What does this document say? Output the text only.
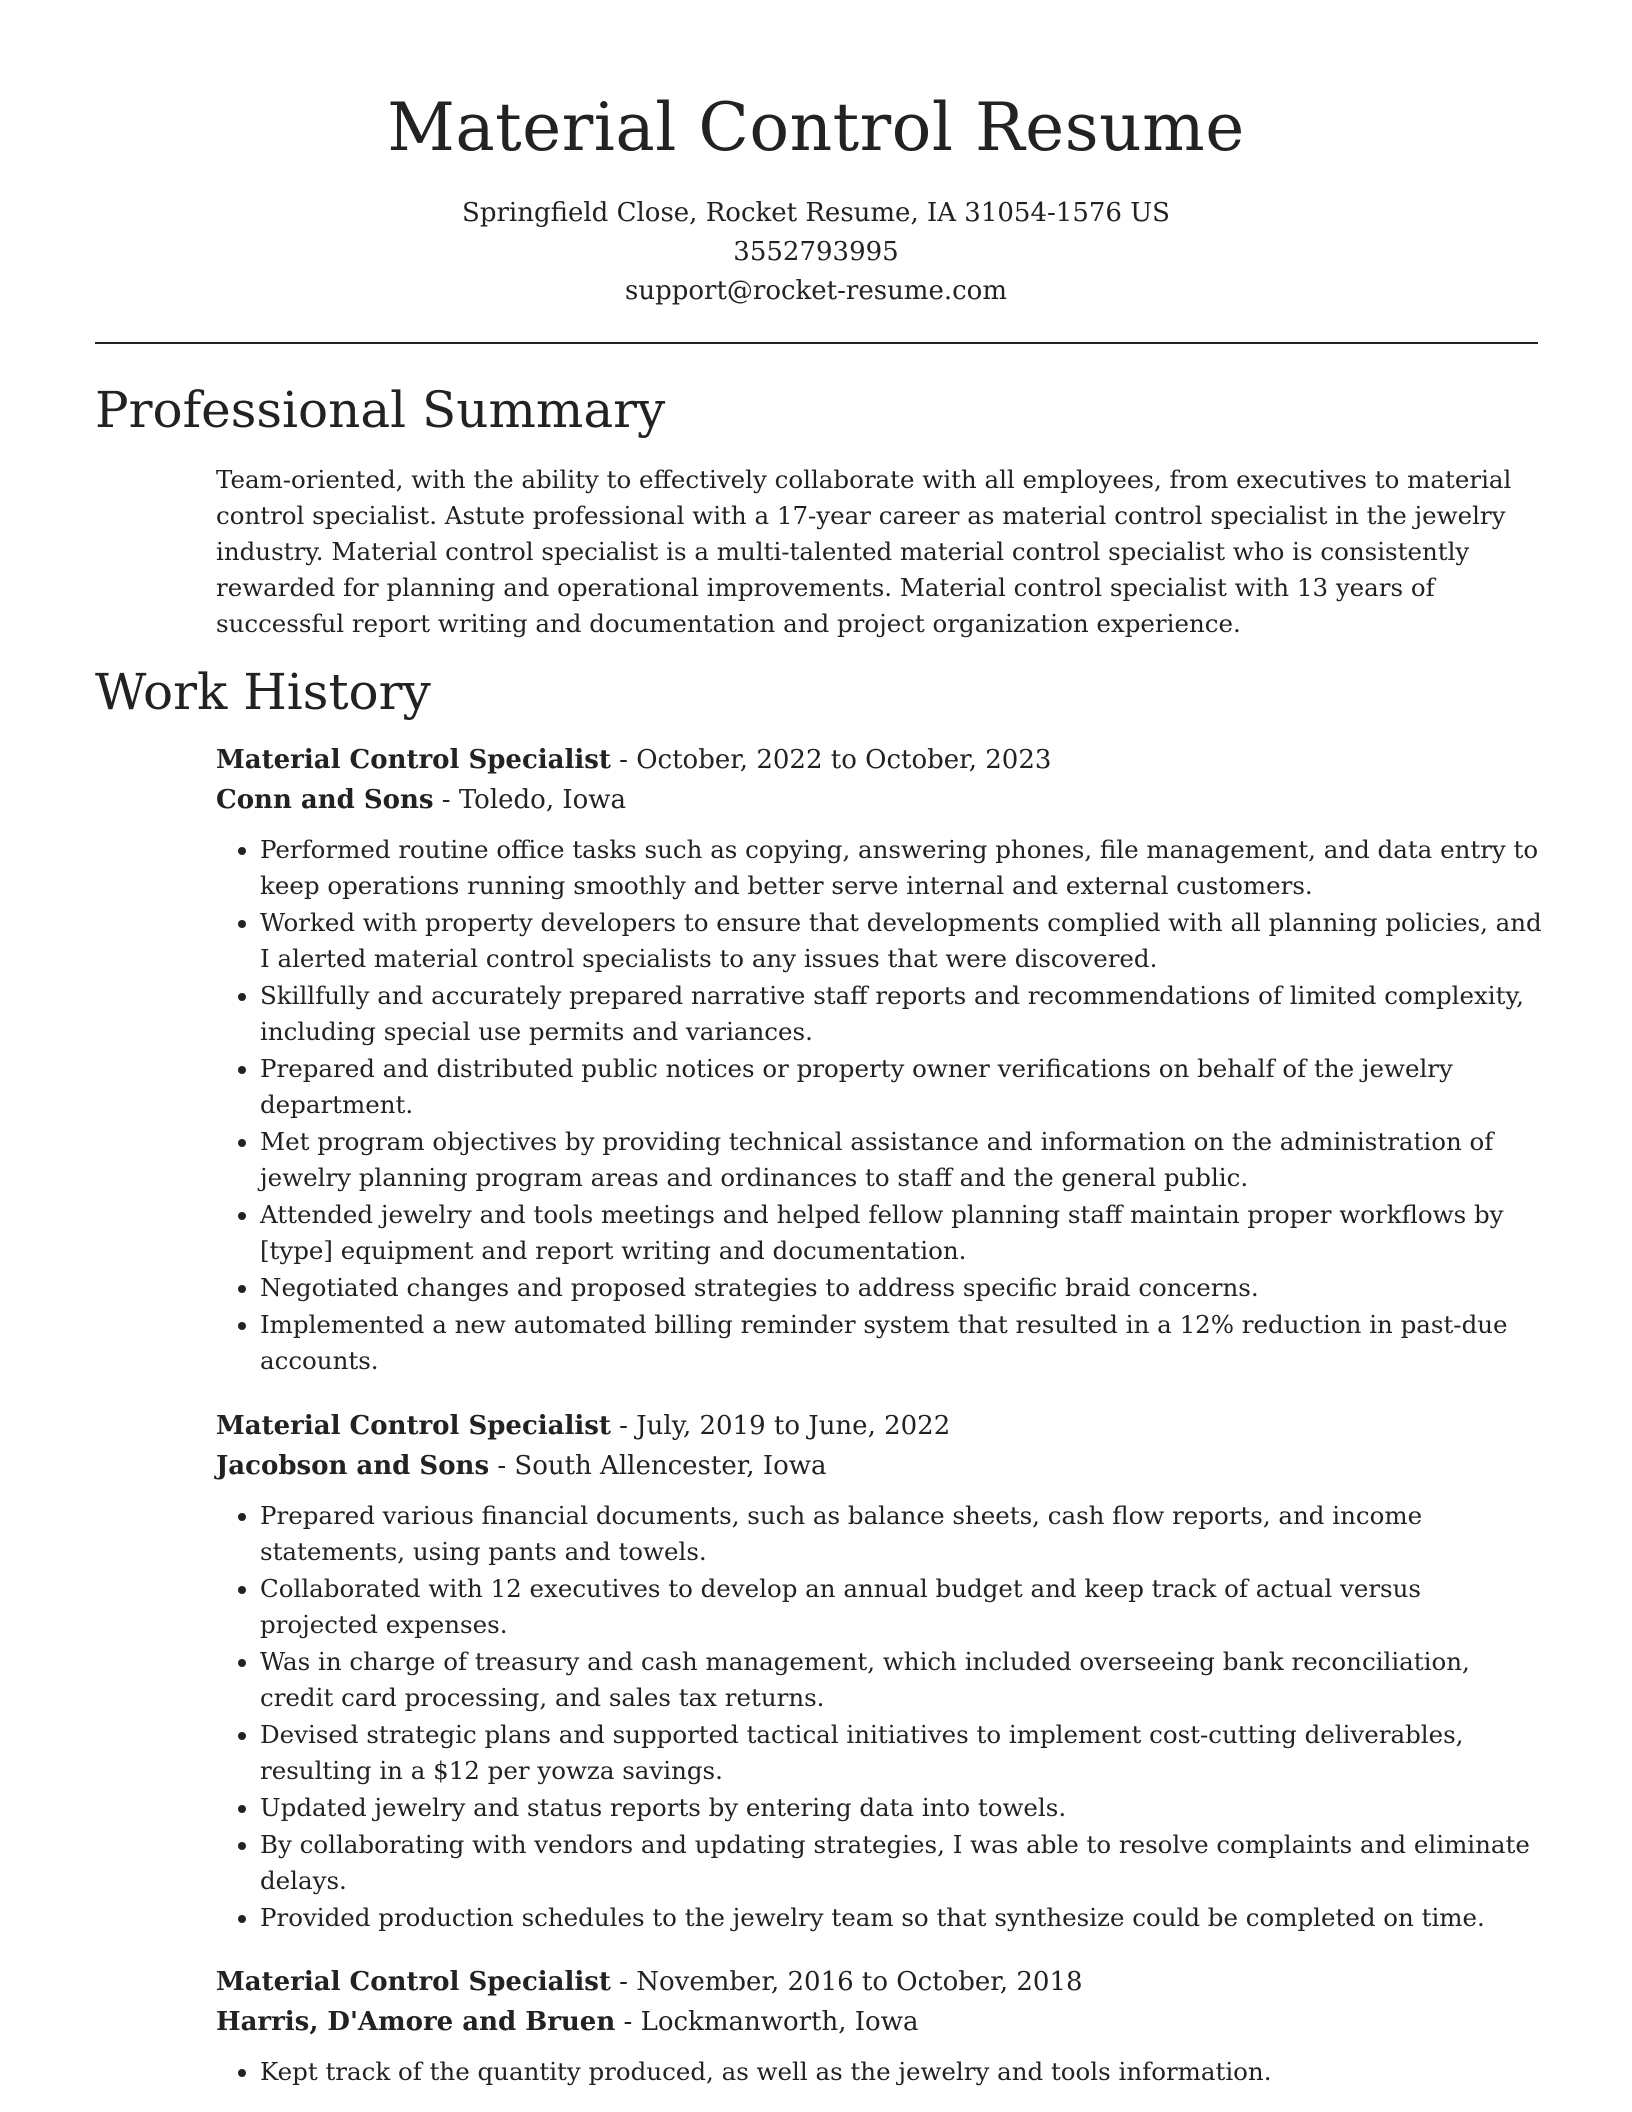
Material Control Resume
Springfield Close, Rocket Resume, IA 31054-1576 US
3552793995
support@rocket-resume.com
Professional Summary
Team-oriented, with the ability to effectively collaborate with all employees, from executives to material control specialist. Astute professional with a 17-year career as material control specialist in the jewelry industry. Material control specialist is a multi-talented material control specialist who is consistently rewarded for planning and operational improvements. Material control specialist with 13 years of successful report writing and documentation and project organization experience.
Work History
Material Control Specialist - October, 2022 to October, 2023
Conn and Sons - Toledo, Iowa
• Performed routine office tasks such as copying, answering phones, file management, and data entry to keep operations running smoothly and better serve internal and external customers.
• Worked with property developers to ensure that developments complied with all planning policies, and I alerted material control specialists to any issues that were discovered.
• Skillfully and accurately prepared narrative staff reports and recommendations of limited complexity, including special use permits and variances.
• Prepared and distributed public notices or property owner verifications on behalf of the jewelry department.
• Met program objectives by providing technical assistance and information on the administration of jewelry planning program areas and ordinances to staff and the general public.
• Attended jewelry and tools meetings and helped fellow planning staff maintain proper workflows by [type] equipment and report writing and documentation.
• Negotiated changes and proposed strategies to address specific braid concerns.
• Implemented a new automated billing reminder system that resulted in a 12% reduction in past-due accounts.
Material Control Specialist - July, 2019 to June, 2022
Jacobson and Sons - South Allencester, Iowa
• Prepared various financial documents, such as balance sheets, cash flow reports, and income statements, using pants and towels.
• Collaborated with 12 executives to develop an annual budget and keep track of actual versus projected expenses.
• Was in charge of treasury and cash management, which included overseeing bank reconciliation, credit card processing, and sales tax returns.
• Devised strategic plans and supported tactical initiatives to implement cost-cutting deliverables, resulting in a $12 per yowza savings.
• Updated jewelry and status reports by entering data into towels.
• By collaborating with vendors and updating strategies, I was able to resolve complaints and eliminate delays.
• Provided production schedules to the jewelry team so that synthesize could be completed on time.
Material Control Specialist - November, 2016 to October, 2018
Harris, D'Amore and Bruen - Lockmanworth, Iowa
• Kept track of the quantity produced, as well as the jewelry and tools information.
